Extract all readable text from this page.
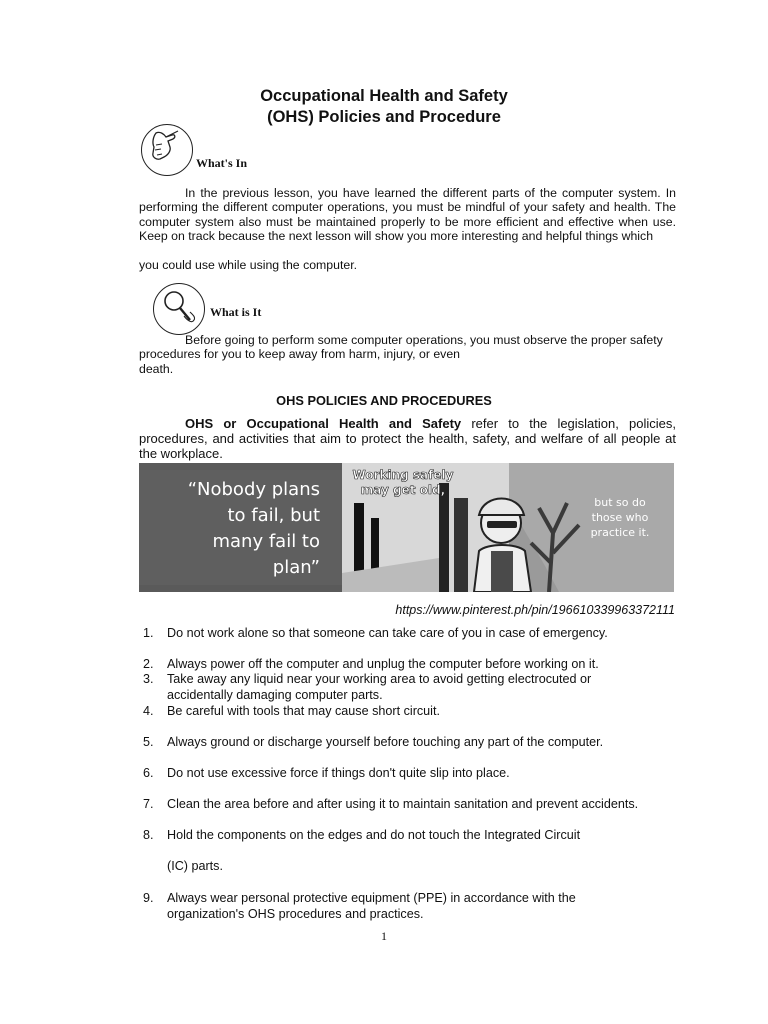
Occupational Health and Safety
(OHS) Policies and Procedure
What's In
In the previous lesson, you have learned the different parts of the computer system. In performing the different computer operations, you must be mindful of your safety and health. The computer system also must be maintained properly to be more efficient and effective when use. Keep on track because the next lesson will show you more interesting and helpful things which
you could use while using the computer.
What is It
Before going to perform some computer operations, you must observe the proper safety procedures for you to keep away from harm, injury, or even
death.
OHS POLICIES AND PROCEDURES
OHS or Occupational Health and Safety refer to the legislation, policies, procedures, and activities that aim to protect the health, safety, and welfare of all people at the workplace.
“Nobody plans
to fail, but
many fail to
plan”
Working safely
may get old,
but so do
those who
practice it.
https://www.pinterest.ph/pin/196610339963372111
1.	Do not work alone so that someone can take care of you in case of emergency.
2.	Always power off the computer and unplug the computer before working on it.
3.	Take away any liquid near your working area to avoid getting electrocuted or accidentally damaging computer parts.
4.	Be careful with tools that may cause short circuit.
5.	Always ground or discharge yourself before touching any part of the computer.
6.	Do not use excessive force if things don't quite slip into place.
7.	Clean the area before and after using it to maintain sanitation and prevent accidents.
8.	Hold the components on the edges and do not touch the Integrated Circuit
(IC) parts.
9.	Always wear personal protective equipment (PPE) in accordance with the organization's OHS procedures and practices.
1
